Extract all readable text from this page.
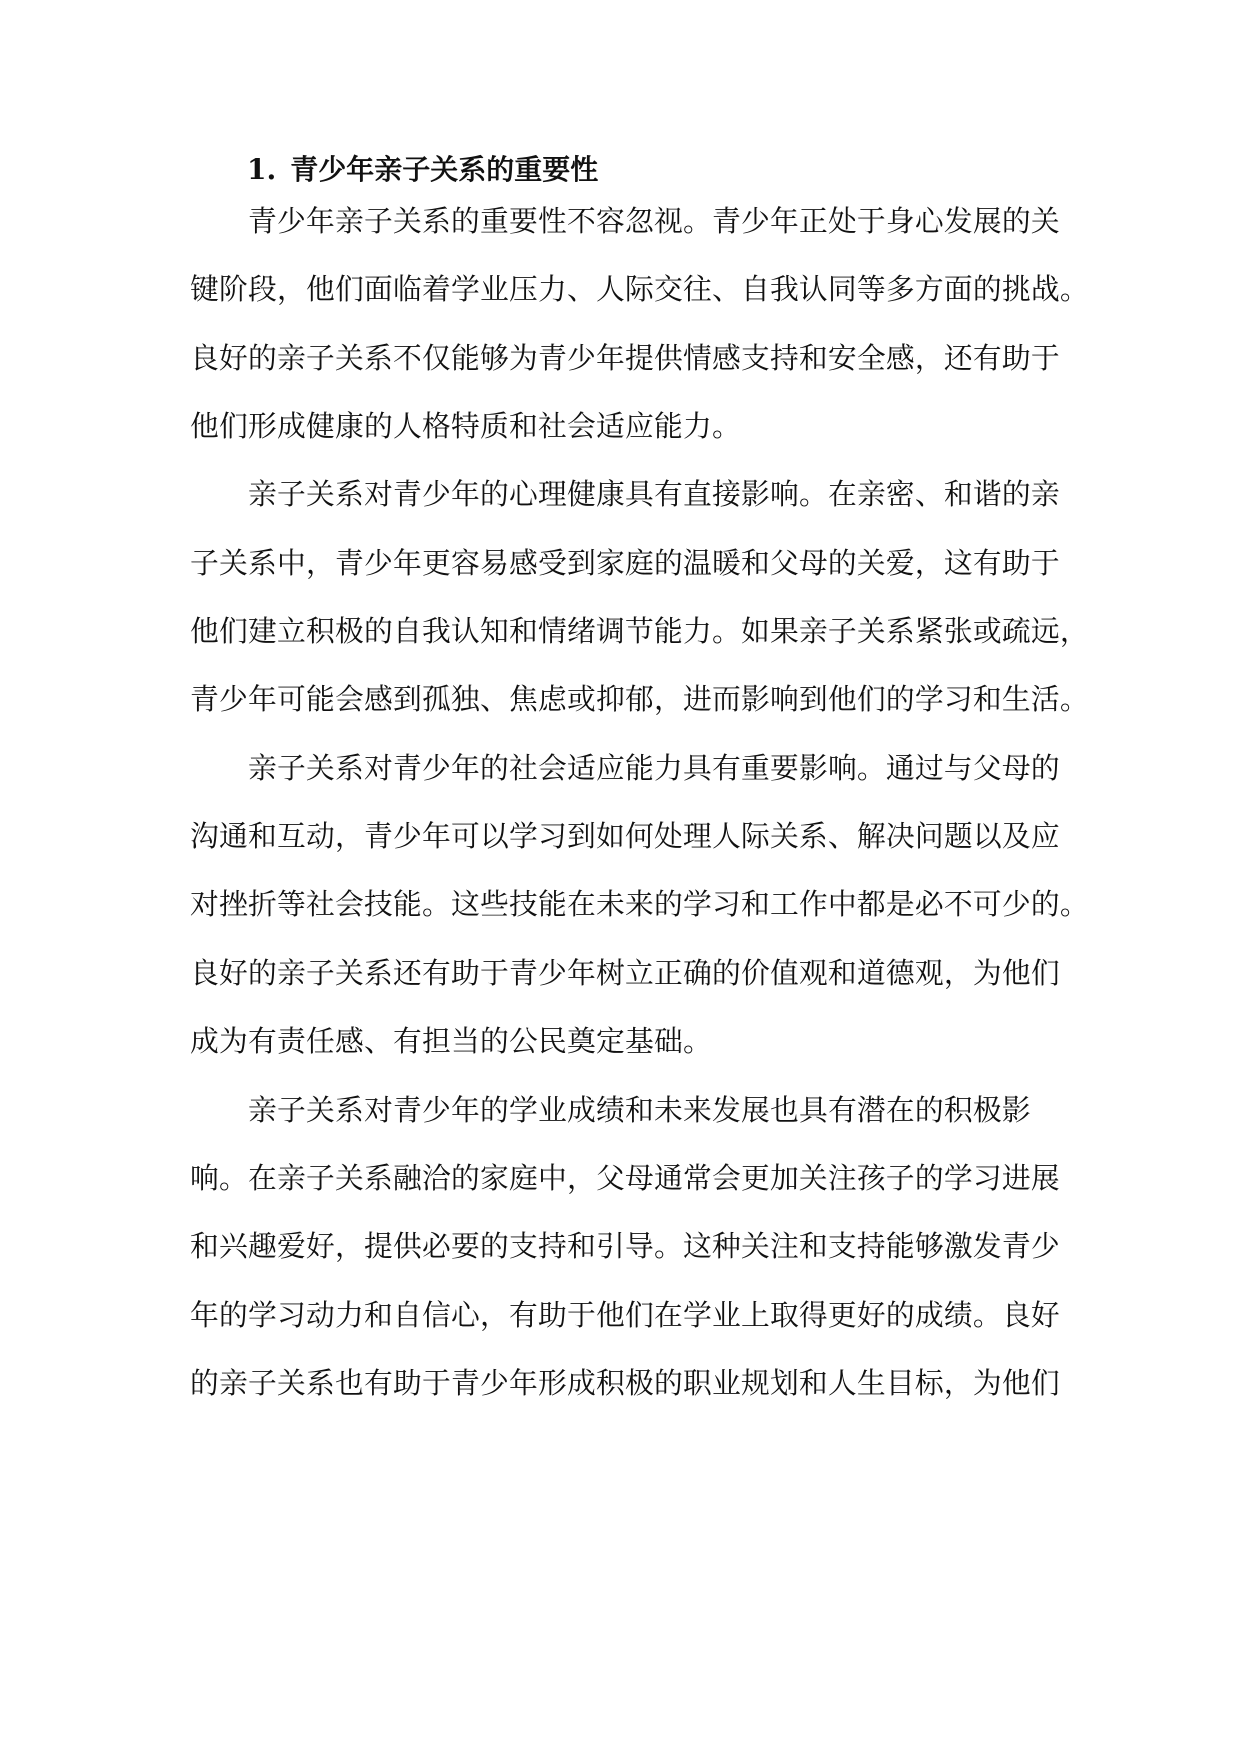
1. 青少年亲子关系的重要性
青少年亲子关系的重要性不容忽视。青少年正处于身心发展的关
键阶段，他们面临着学业压力、人际交往、自我认同等多方面的挑战。
良好的亲子关系不仅能够为青少年提供情感支持和安全感，还有助于
他们形成健康的人格特质和社会适应能力。
亲子关系对青少年的心理健康具有直接影响。在亲密、和谐的亲
子关系中，青少年更容易感受到家庭的温暖和父母的关爱，这有助于
他们建立积极的自我认知和情绪调节能力。如果亲子关系紧张或疏远，
青少年可能会感到孤独、焦虑或抑郁，进而影响到他们的学习和生活。
亲子关系对青少年的社会适应能力具有重要影响。通过与父母的
沟通和互动，青少年可以学习到如何处理人际关系、解决问题以及应
对挫折等社会技能。这些技能在未来的学习和工作中都是必不可少的。
良好的亲子关系还有助于青少年树立正确的价值观和道德观，为他们
成为有责任感、有担当的公民奠定基础。
亲子关系对青少年的学业成绩和未来发展也具有潜在的积极影
响。在亲子关系融洽的家庭中，父母通常会更加关注孩子的学习进展
和兴趣爱好，提供必要的支持和引导。这种关注和支持能够激发青少
年的学习动力和自信心，有助于他们在学业上取得更好的成绩。良好
的亲子关系也有助于青少年形成积极的职业规划和人生目标，为他们
